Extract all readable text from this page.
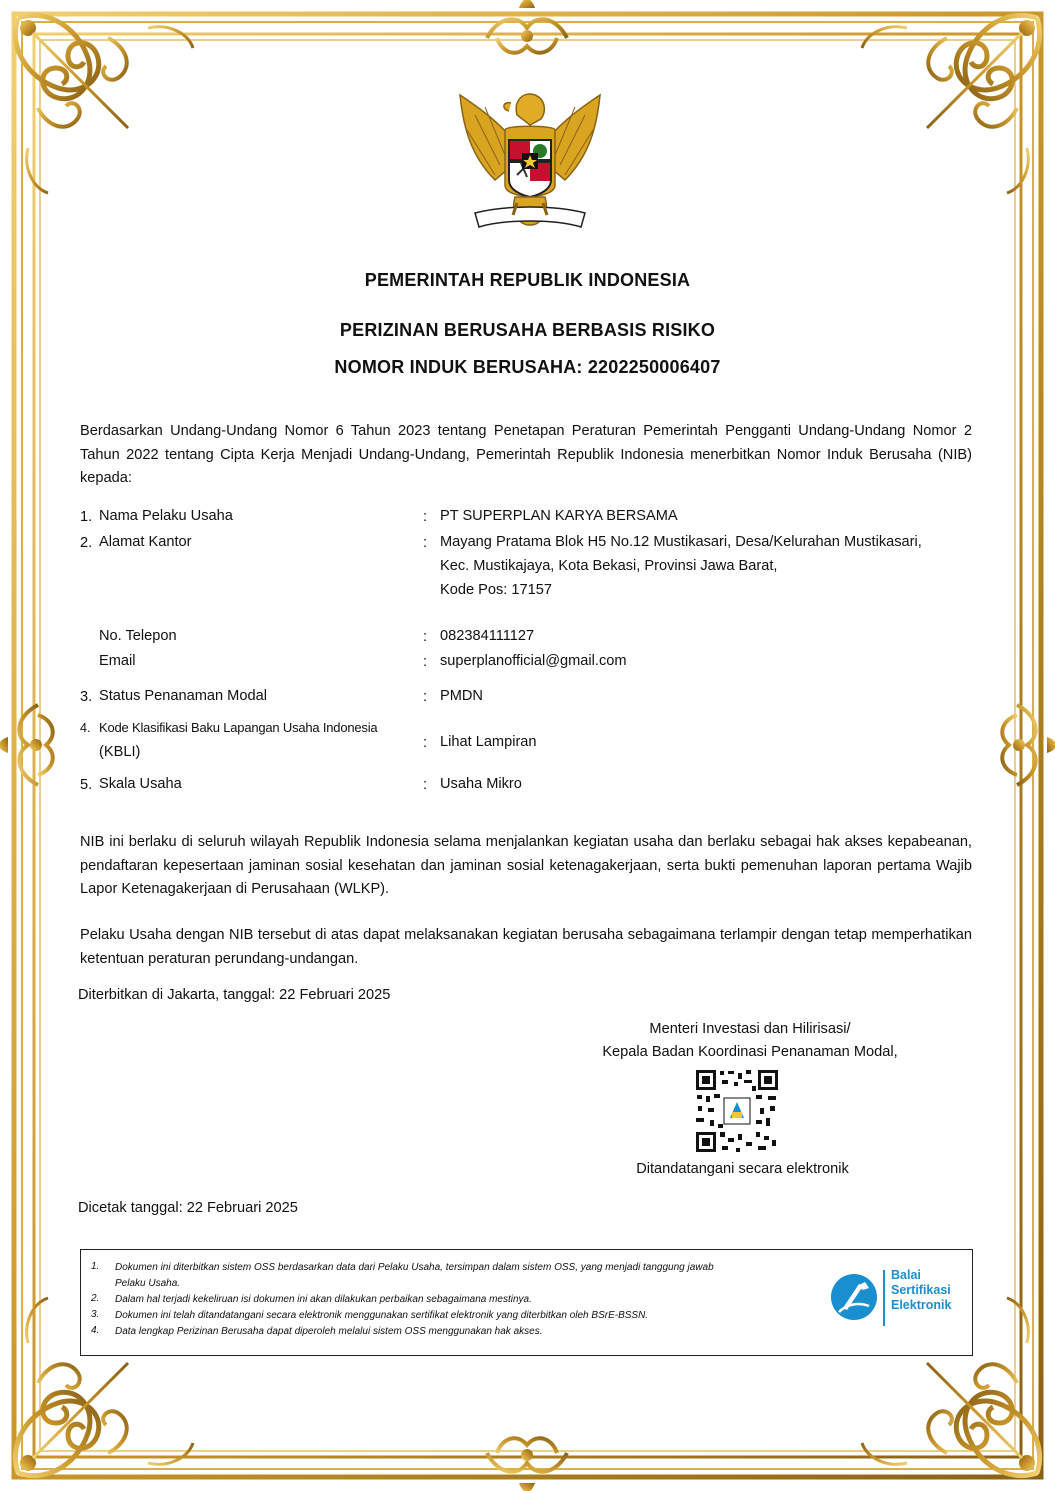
PEMERINTAH REPUBLIK INDONESIA
PERIZINAN BERUSAHA BERBASIS RISIKO
NOMOR INDUK BERUSAHA: 2202250006407
Berdasarkan Undang-Undang Nomor 6 Tahun 2023 tentang Penetapan Peraturan Pemerintah Pengganti Undang-Undang Nomor 2 Tahun 2022 tentang Cipta Kerja Menjadi Undang-Undang, Pemerintah Republik Indonesia menerbitkan Nomor Induk Berusaha (NIB) kepada:
1. Nama Pelaku Usaha	: PT SUPERPLAN KARYA BERSAMA
2. Alamat Kantor	: Mayang Pratama Blok H5 No.12 Mustikasari, Desa/Kelurahan Mustikasari,
Kec. Mustikajaya, Kota Bekasi, Provinsi Jawa Barat,
Kode Pos: 17157
No. Telepon	: 082384111127
Email	: superplanofficial@gmail.com
3. Status Penanaman Modal	: PMDN
4. Kode Klasifikasi Baku Lapangan Usaha Indonesia
(KBLI)
: Lihat Lampiran
5. Skala Usaha	: Usaha Mikro
NIB ini berlaku di seluruh wilayah Republik Indonesia selama menjalankan kegiatan usaha dan berlaku sebagai hak akses kepabeanan, pendaftaran kepesertaan jaminan sosial kesehatan dan jaminan sosial ketenagakerjaan, serta bukti pemenuhan laporan pertama Wajib Lapor Ketenagakerjaan di Perusahaan (WLKP).
Pelaku Usaha dengan NIB tersebut di atas dapat melaksanakan kegiatan berusaha sebagaimana terlampir dengan tetap memperhatikan ketentuan peraturan perundang-undangan.
Diterbitkan di Jakarta, tanggal: 22 Februari 2025
Menteri Investasi dan Hilirisasi/
Kepala Badan Koordinasi Penanaman Modal,
Ditandatangani secara elektronik
Dicetak tanggal: 22 Februari 2025
1. Dokumen ini diterbitkan sistem OSS berdasarkan data dari Pelaku Usaha, tersimpan dalam sistem OSS, yang menjadi tanggung jawab
Pelaku Usaha.
2. Dalam hal terjadi kekeliruan isi dokumen ini akan dilakukan perbaikan sebagaimana mestinya.
3. Dokumen ini telah ditandatangani secara elektronik menggunakan sertifikat elektronik yang diterbitkan oleh BSrE-BSSN.
4. Data lengkap Perizinan Berusaha dapat diperoleh melalui sistem OSS menggunakan hak akses.
Balai
Sertifikasi
Elektronik
